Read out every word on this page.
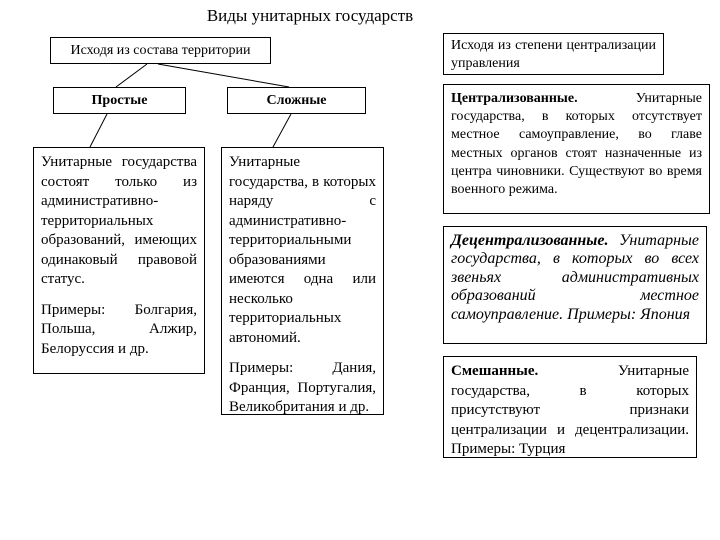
Виды унитарных государств
Исходя из состава территории
Простые	Сложные

Унитарные государства состоят только из административно-территориальных образований, имеющих одинаковый правовой статус.

Примеры: Болгария, Польша, Алжир, Белоруссия и др.

Унитарные государства, в которых наряду с административно-территориальными образованиями имеются одна или несколько территориальных автономий.

Примеры: Дания, Франция, Португалия, Великобритания и др.

Исходя из степени централизации управления

Централизованные. Унитарные государства, в которых отсутствует местное самоуправление, во главе местных органов стоят назначенные из центра чиновники. Существуют во время военного режима.

Децентрализованные. Унитарные государства, в которых во всех звеньях административных образований местное самоуправление. Примеры: Япония

Смешанные. Унитарные государства, в которых присутствуют признаки централизации и децентрализации. Примеры: Турция
